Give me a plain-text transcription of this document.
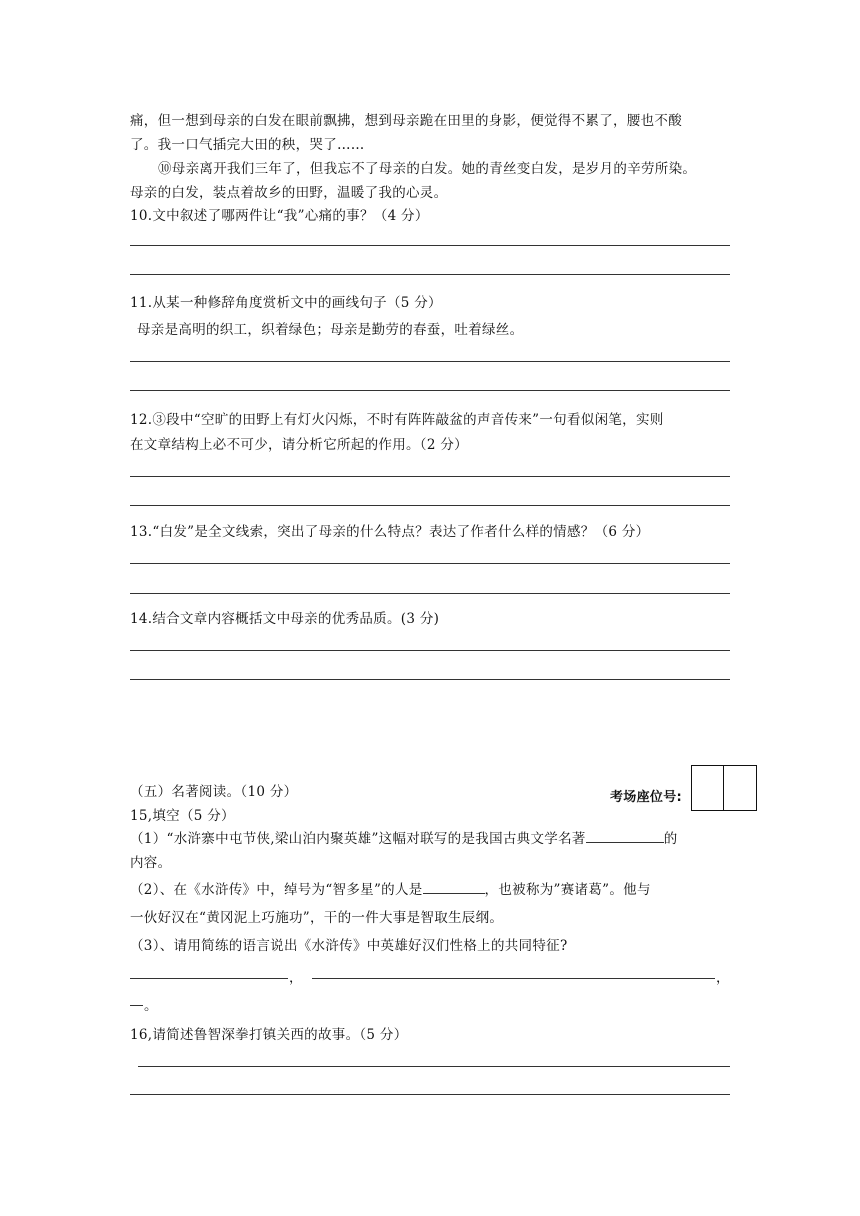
痛，但一想到母亲的白发在眼前飘拂，想到母亲跪在田里的身影，便觉得不累了，腰也不酸
了。我一口气插完大田的秧，哭了……
⑩母亲离开我们三年了，但我忘不了母亲的白发。她的青丝变白发，是岁月的辛劳所染。
母亲的白发，装点着故乡的田野，温暖了我的心灵。
10.文中叙述了哪两件让“我”心痛的事？（4 分）
11.从某一种修辞角度赏析文中的画线句子（5 分）
母亲是高明的织工，织着绿色；母亲是勤劳的春蚕，吐着绿丝。
12.③段中“空旷的田野上有灯火闪烁，不时有阵阵敲盆的声音传来”一句看似闲笔，实则
在文章结构上必不可少，请分析它所起的作用。（2 分）
13.“白发”是全文线索，突出了母亲的什么特点？表达了作者什么样的情感？（6 分）
14.结合文章内容概括文中母亲的优秀品质。(3 分)
（五）名著阅读。（10 分）	考场座位号:
15,填空（5 分）
（1）“水浒寨中屯节侠,梁山泊内聚英雄”这幅对联写的是我国古典文学名著	的
内容。
（2）、在《水浒传》中，绰号为“智多星”的人是	，也被称为”赛诸葛”。他与
一伙好汉在“黄冈泥上巧施功”，干的一件大事是智取生辰纲。
（3）、请用简练的语言说出《水浒传》中英雄好汉们性格上的共同特征?
，	，
。
16,请简述鲁智深拳打镇关西的故事。（5 分）
